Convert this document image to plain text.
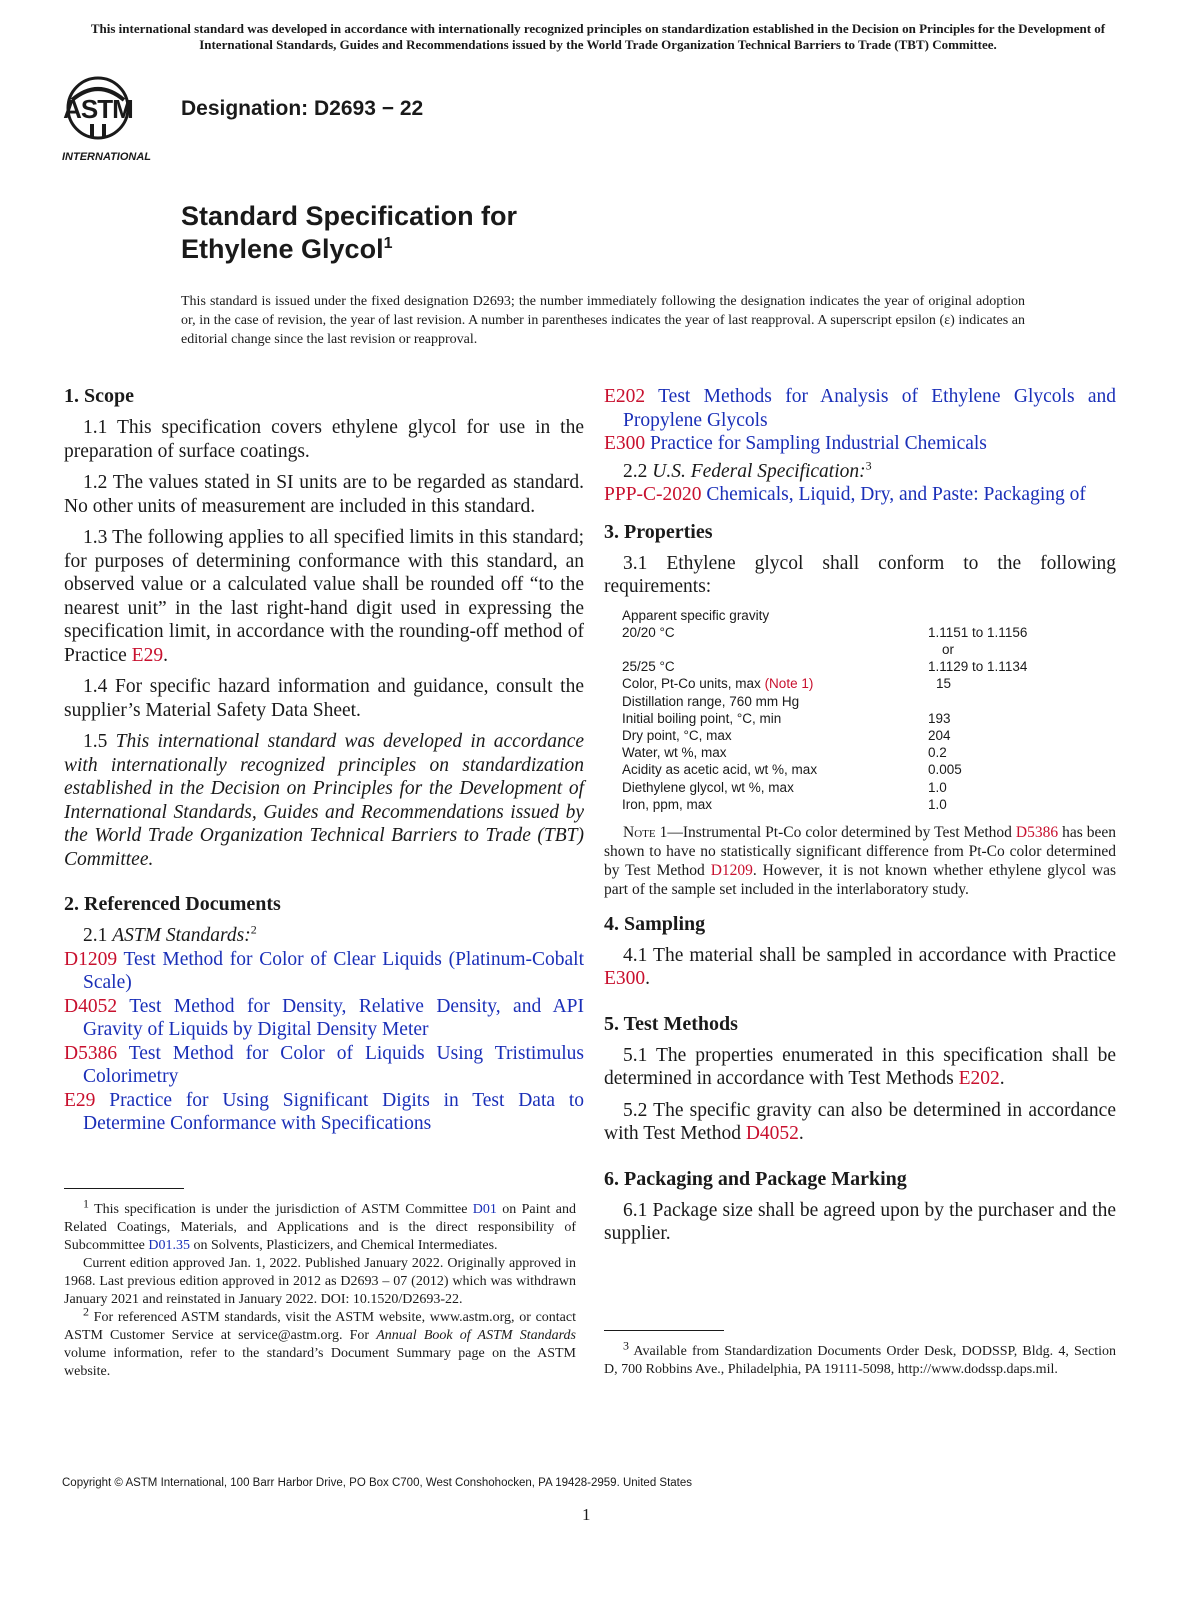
This international standard was developed in accordance with internationally recognized principles on standardization established in the Decision on Principles for the Development of International Standards, Guides and Recommendations issued by the World Trade Organization Technical Barriers to Trade (TBT) Committee.
ASTM
INTERNATIONAL
Designation: D2693 − 22
Standard Specification for
Ethylene Glycol$^1$
This standard is issued under the fixed designation D2693; the number immediately following the designation indicates the year of original adoption or, in the case of revision, the year of last revision. A number in parentheses indicates the year of last reapproval. A superscript epsilon (ε) indicates an editorial change since the last revision or reapproval.
1. Scope

1.1 This specification covers ethylene glycol for use in the preparation of surface coatings.

1.2 The values stated in SI units are to be regarded as standard. No other units of measurement are included in this standard.

1.3 The following applies to all specified limits in this standard; for purposes of determining conformance with this standard, an observed value or a calculated value shall be rounded off “to the nearest unit” in the last right-hand digit used in expressing the specification limit, in accordance with the rounding-off method of Practice E29.

1.4 For specific hazard information and guidance, consult the supplier’s Material Safety Data Sheet.

1.5 This international standard was developed in accordance with internationally recognized principles on standardization established in the Decision on Principles for the Development of International Standards, Guides and Recommendations issued by the World Trade Organization Technical Barriers to Trade (TBT) Committee.

2. Referenced Documents

2.1 ASTM Standards:$^2$

D1209 Test Method for Color of Clear Liquids (Platinum-Cobalt Scale)

D4052 Test Method for Density, Relative Density, and API Gravity of Liquids by Digital Density Meter

D5386 Test Method for Color of Liquids Using Tristimulus Colorimetry

E29 Practice for Using Significant Digits in Test Data to Determine Conformance with Specifications

$^1$ This specification is under the jurisdiction of ASTM Committee D01 on Paint and Related Coatings, Materials, and Applications and is the direct responsibility of Subcommittee D01.35 on Solvents, Plasticizers, and Chemical Intermediates.

Current edition approved Jan. 1, 2022. Published January 2022. Originally approved in 1968. Last previous edition approved in 2012 as D2693 – 07 (2012) which was withdrawn January 2021 and reinstated in January 2022. DOI: 10.1520/D2693-22.

$^2$ For referenced ASTM standards, visit the ASTM website, www.astm.org, or contact ASTM Customer Service at service@astm.org. For Annual Book of ASTM Standards volume information, refer to the standard’s Document Summary page on the ASTM website.

E202 Test Methods for Analysis of Ethylene Glycols and Propylene Glycols

E300 Practice for Sampling Industrial Chemicals

2.2 U.S. Federal Specification:$^3$

PPP-C-2020 Chemicals, Liquid, Dry, and Paste: Packaging of

3. Properties

3.1 Ethylene glycol shall conform to the following requirements:

Apparent specific gravity	
20/20 °C	1.1151 to 1.1156
	or
25/25 °C	1.1129 to 1.1134
Color, Pt-Co units, max (Note 1)	15
Distillation range, 760 mm Hg	
Initial boiling point, °C, min	193
Dry point, °C, max	204
Water, wt %, max	0.2
Acidity as acetic acid, wt %, max	0.005
Diethylene glycol, wt %, max	1.0
Iron, ppm, max	1.0

Note 1—Instrumental Pt-Co color determined by Test Method D5386 has been shown to have no statistically significant difference from Pt-Co color determined by Test Method D1209. However, it is not known whether ethylene glycol was part of the sample set included in the interlaboratory study.

4. Sampling

4.1 The material shall be sampled in accordance with Practice E300.

5. Test Methods

5.1 The properties enumerated in this specification shall be determined in accordance with Test Methods E202.

5.2 The specific gravity can also be determined in accordance with Test Method D4052.

6. Packaging and Package Marking

6.1 Package size shall be agreed upon by the purchaser and the supplier.

$^3$ Available from Standardization Documents Order Desk, DODSSP, Bldg. 4, Section D, 700 Robbins Ave., Philadelphia, PA 19111-5098, http://www.dodssp.daps.mil.

Copyright © ASTM International, 100 Barr Harbor Drive, PO Box C700, West Conshohocken, PA 19428-2959. United States
1
